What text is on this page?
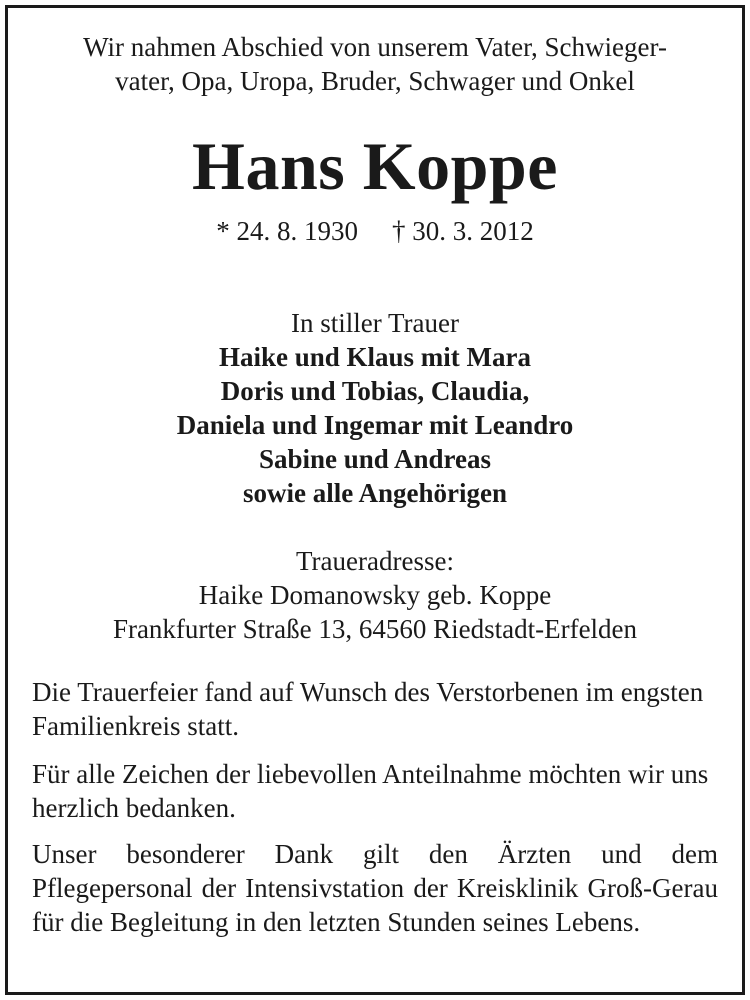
Wir nahmen Abschied von unserem Vater, Schwieger-
vater, Opa, Uropa, Bruder, Schwager und Onkel

Hans Koppe

* 24. 8. 1930 † 30. 3. 2012

In stiller Trauer
Haike und Klaus mit Mara
Doris und Tobias, Claudia,
Daniela und Ingemar mit Leandro
Sabine und Andreas
sowie alle Angehörigen

Traueradresse:
Haike Domanowsky geb. Koppe
Frankfurter Straße 13, 64560 Riedstadt-Erfelden

Die Trauerfeier fand auf Wunsch des Verstorbenen im engsten Familienkreis statt.

Für alle Zeichen der liebevollen Anteilnahme möchten wir uns herzlich bedanken.

Unser besonderer Dank gilt den Ärzten und dem Pflegepersonal der Intensivstation der Kreisklinik Groß-Gerau für die Begleitung in den letzten Stunden seines Lebens.
